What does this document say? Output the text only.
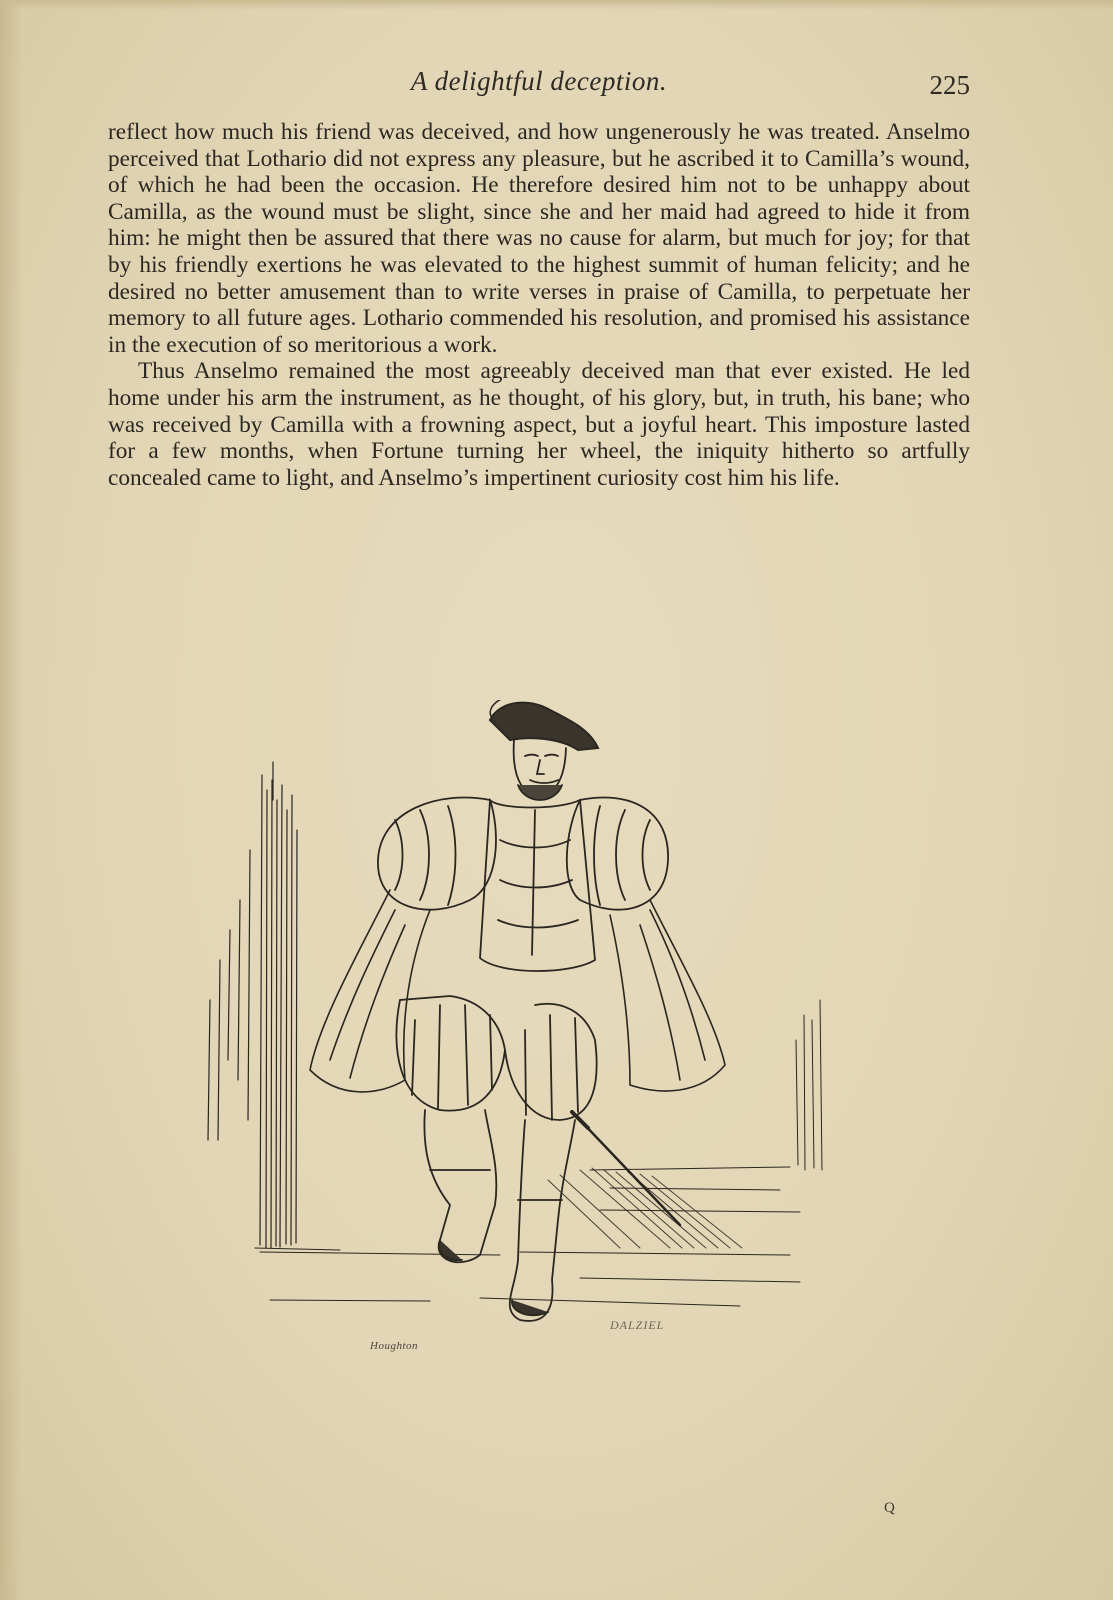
A delightful deception.	225

reflect how much his friend was deceived, and how ungenerously he was treated. Anselmo perceived that Lothario did not express any pleasure, but he ascribed it to Camilla’s wound, of which he had been the occasion. He therefore desired him not to be unhappy about Camilla, as the wound must be slight, since she and her maid had agreed to hide it from him: he might then be assured that there was no cause for alarm, but much for joy; for that by his friendly exertions he was elevated to the highest summit of human felicity; and he desired no better amusement than to write verses in praise of Camilla, to perpetuate her memory to all future ages. Lothario commended his resolution, and promised his assistance in the execution of so meritorious a work.

Thus Anselmo remained the most agreeably deceived man that ever existed. He led home under his arm the instrument, as he thought, of his glory, but, in truth, his bane; who was received by Camilla with a frowning aspect, but a joyful heart. This imposture lasted for a few months, when Fortune turning her wheel, the iniquity hitherto so artfully concealed came to light, and Anselmo’s impertinent curiosity cost him his life.

Houghton
DALZIEL
Q
